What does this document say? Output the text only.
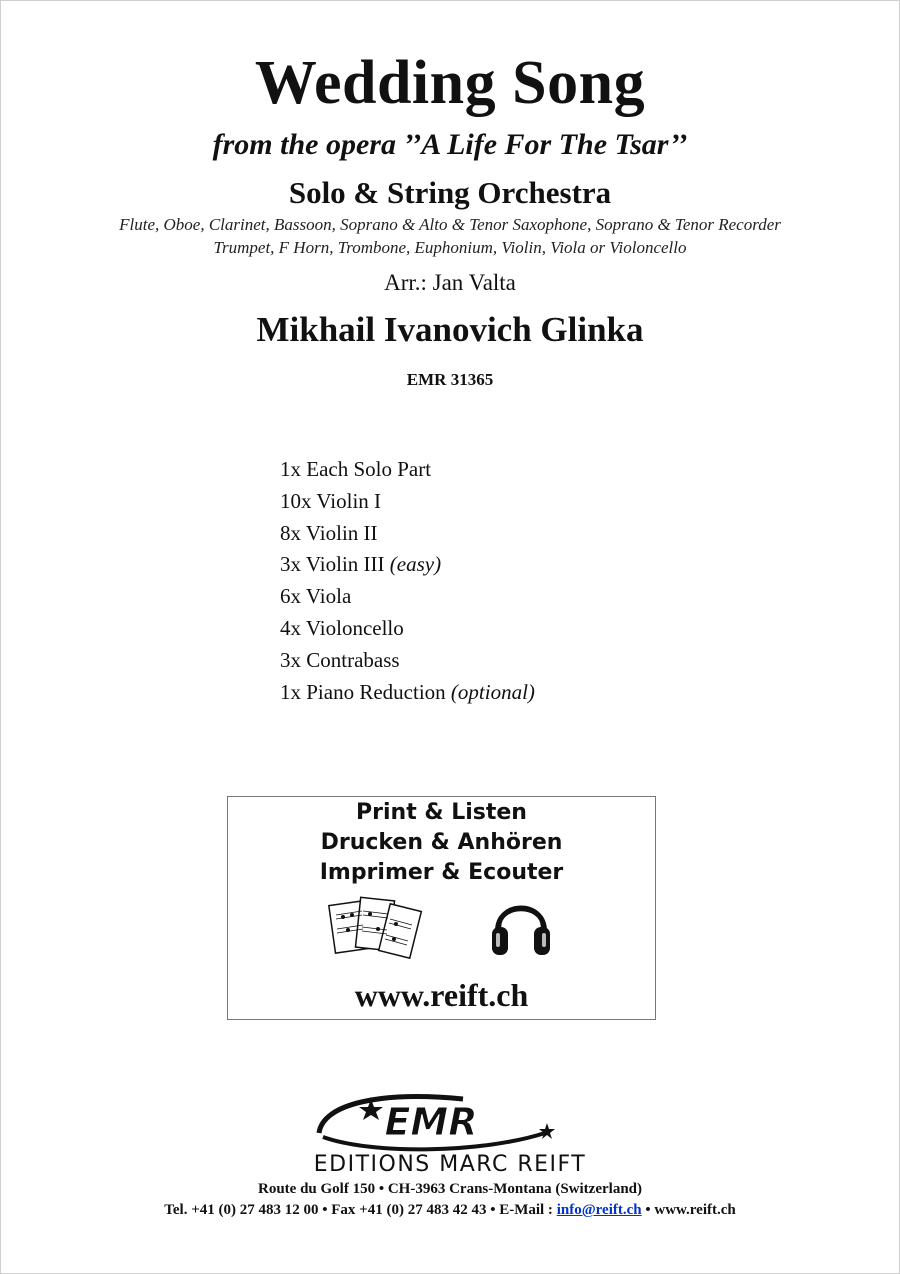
Wedding Song
from the opera ’’A Life For The Tsar’’
Solo & String Orchestra
Flute, Oboe, Clarinet, Bassoon, Soprano & Alto & Tenor Saxophone, Soprano & Tenor Recorder
Trumpet, F Horn, Trombone, Euphonium, Violin, Viola or Violoncello
Arr.: Jan Valta
Mikhail Ivanovich Glinka
EMR 31365
1x Each Solo Part
10x Violin I
8x Violin II
3x Violin III (easy)
6x Viola
4x Violoncello
3x Contrabass
1x Piano Reduction (optional)
Print & Listen
Drucken & Anhören
Imprimer & Ecouter
www.reift.ch
EMR
EDITIONS MARC REIFT
Route du Golf 150 • CH-3963 Crans-Montana (Switzerland)
Tel. +41 (0) 27 483 12 00 • Fax +41 (0) 27 483 42 43 • E-Mail : info@reift.ch • www.reift.ch
